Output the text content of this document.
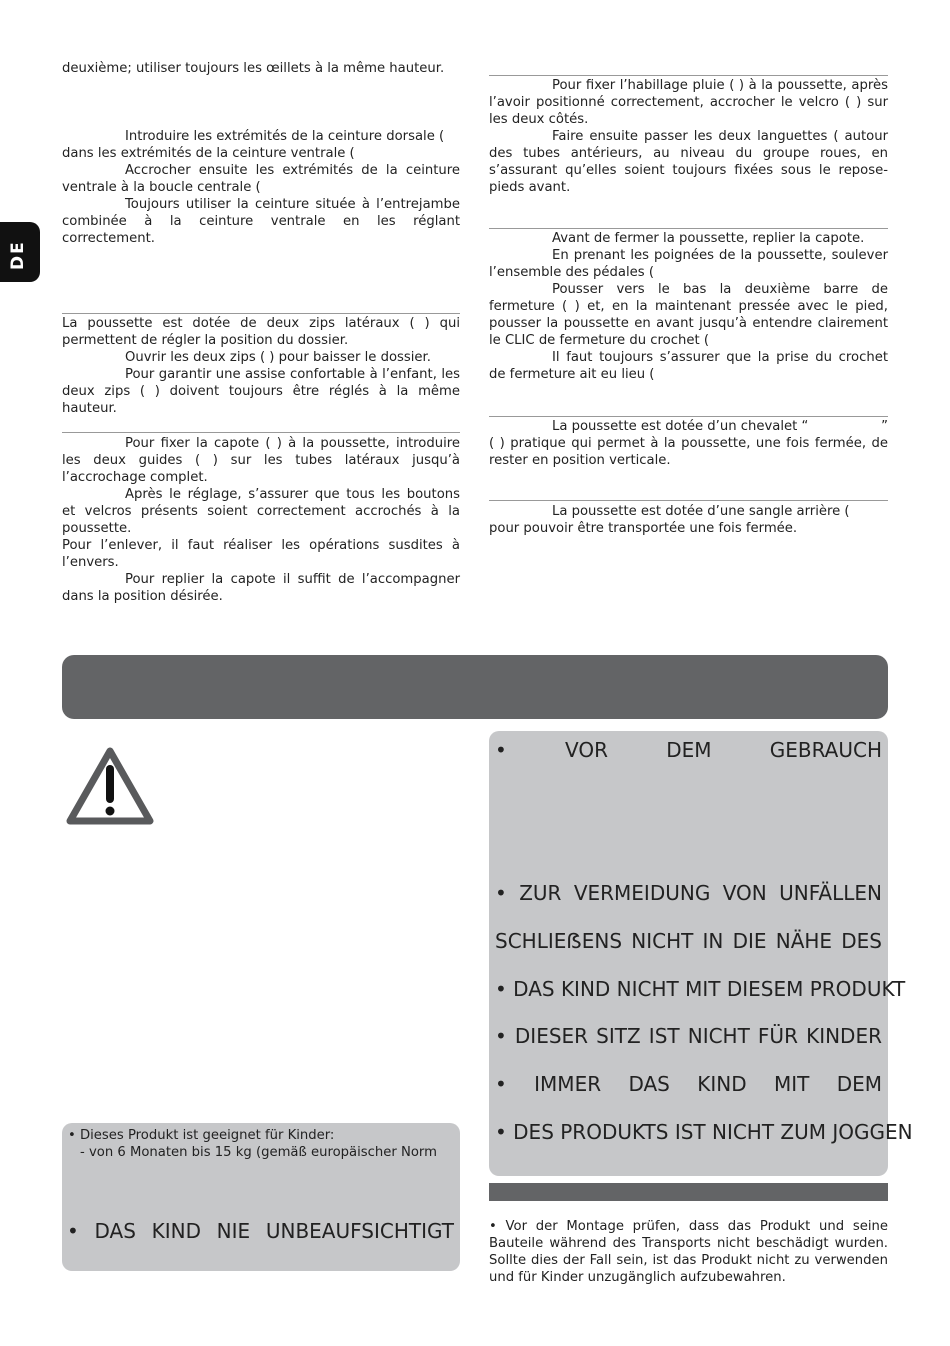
DE

deuxième; utiliser toujours les œillets à la même hauteur.

Introduire les extrémités de la ceinture dorsale (
dans les extrémités de la ceinture ventrale (
Accrocher ensuite les extrémités de la ceinture ventrale à la boucle centrale (
Toujours utiliser la ceinture située à l’entrejambe combinée à la ceinture ventrale en les réglant correctement.
La poussette est dotée de deux zips latéraux ( ) qui permettent de régler la position du dossier.
Ouvrir les deux zips ( ) pour baisser le dossier.
Pour garantir une assise confortable à l’enfant, les deux zips ( ) doivent toujours être réglés à la même hauteur.
Pour fixer la capote ( ) à la poussette, introduire les deux guides ( ) sur les tubes latéraux jusqu’à l’accrochage complet.
Après le réglage, s’assurer que tous les boutons et velcros présents soient correctement accrochés à la poussette.
Pour l’enlever, il faut réaliser les opérations susdites à l’envers.
Pour replier la capote il suffit de l’accompagner dans la position désirée.
Pour fixer l’habillage pluie ( ) à la poussette, après l’avoir positionné correctement, accrocher le velcro ( ) sur les deux côtés.
Faire ensuite passer les deux languettes ( autour des tubes antérieurs, au niveau du groupe roues, en s’assurant qu’elles soient toujours fixées sous le repose-pieds avant.
Avant de fermer la poussette, replier la capote.
En prenant les poignées de la poussette, soulever l’ensemble des pédales (
Pousser vers le bas la deuxième barre de fermeture ( ) et, en la maintenant pressée avec le pied, pousser la poussette en avant jusqu’à entendre clairement le CLIC de fermeture du crochet (
Il faut toujours s’assurer que la prise du crochet de fermeture ait eu lieu (
La poussette est dotée d’un chevalet “	”

( ) pratique qui permet à la poussette, une fois fermée, de rester en position verticale.
La poussette est dotée d’une sangle arrière (
pour pouvoir être transportée une fois fermée.
• Dieses Produkt ist geeignet für Kinder:
- von 6 Monaten bis 15 kg (gemäß europäischer Norm
• DAS KIND NIE UNBEAUFSICHTIGT
• VOR DEM GEBRAUCH
• ZUR VERMEIDUNG VON UNFÄLLEN
SCHLIEẞENS NICHT IN DIE NÄHE DES
• DAS KIND NICHT MIT DIESEM PRODUKT
• DIESER SITZ IST NICHT FÜR KINDER
• IMMER DAS KIND MIT DEM
• DES PRODUKTS IST NICHT ZUM JOGGEN

• Vor der Montage prüfen, dass das Produkt und seine Bauteile während des Transports nicht beschädigt wurden. Sollte dies der Fall sein, ist das Produkt nicht zu verwenden und für Kinder unzugänglich aufzubewahren.
